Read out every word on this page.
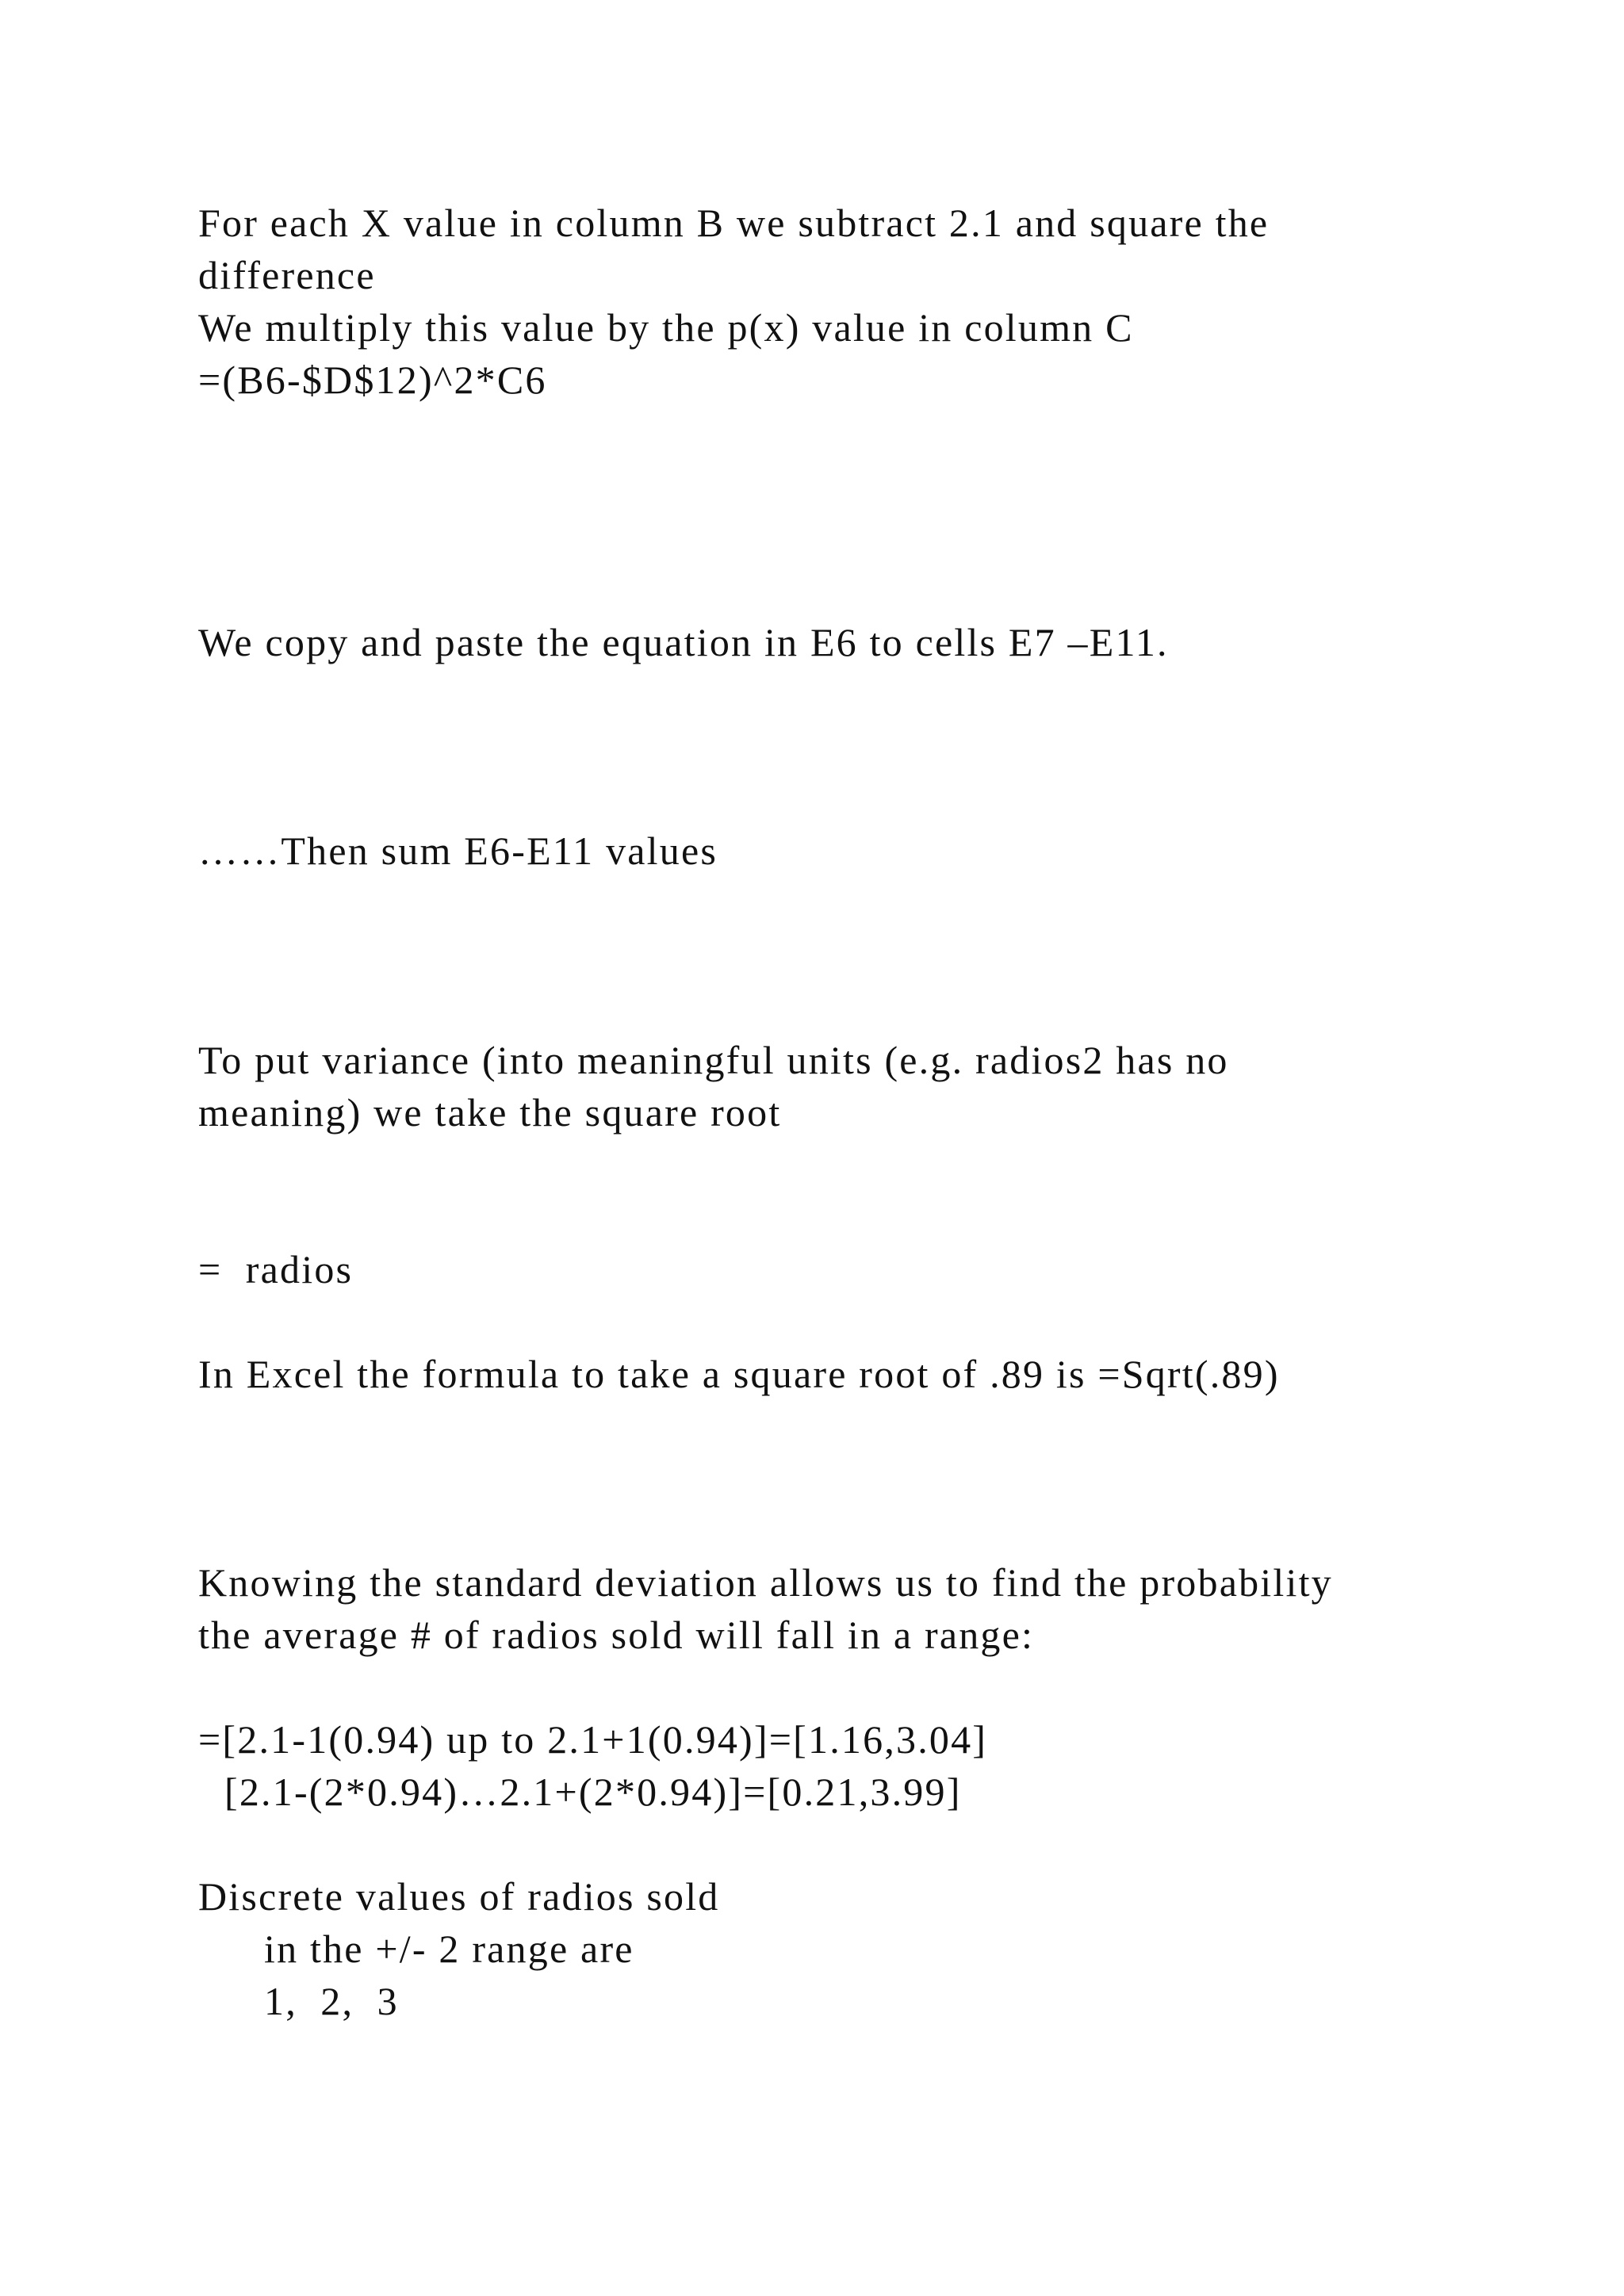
For each X value in column B we subtract 2.1 and square the

difference

We multiply this value by the p(x) value in column C

=(B6-$D$12)^2*C6

We copy and paste the equation in E6 to cells E7 –E11.

……Then sum E6-E11 values

To put variance (into meaningful units (e.g. radios2 has no

meaning) we take the square root

=  radios

In Excel the formula to take a square root of .89 is =Sqrt(.89)

Knowing the standard deviation allows us to find the probability

the average # of radios sold will fall in a range:

=[2.1-1(0.94) up to 2.1+1(0.94)]=[1.16,3.04]

[2.1-(2*0.94)…2.1+(2*0.94)]=[0.21,3.99]

Discrete values of radios sold

in the +/- 2 range are

1,  2,  3
